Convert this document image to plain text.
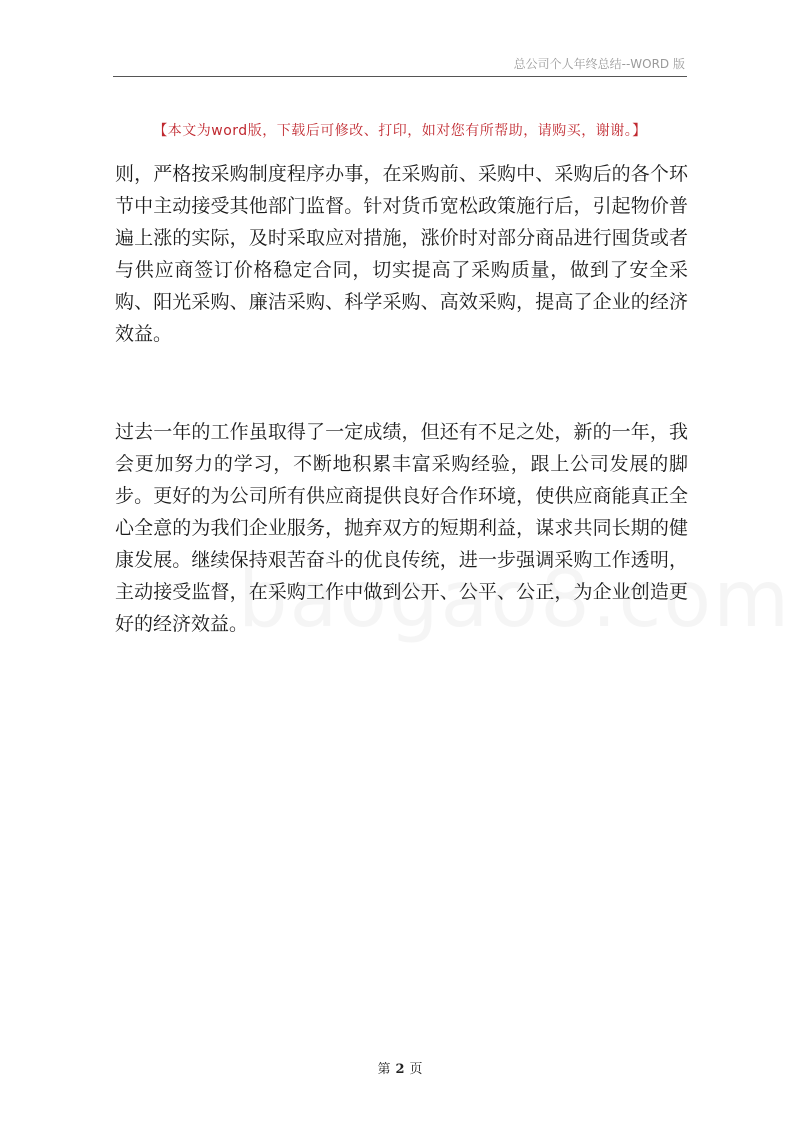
总公司个人年终总结--WORD 版
【本文为word版，下载后可修改、打印，如对您有所帮助，请购买，谢谢。】

则，严格按采购制度程序办事，在采购前、采购中、采购后的各个环节中主动接受其他部门监督。针对货币宽松政策施行后，引起物价普遍上涨的实际，及时采取应对措施，涨价时对部分商品进行囤货或者与供应商签订价格稳定合同，切实提高了采购质量，做到了安全采购、阳光采购、廉洁采购、科学采购、高效采购，提高了企业的经济效益。

过去一年的工作虽取得了一定成绩，但还有不足之处，新的一年，我会更加努力的学习，不断地积累丰富采购经验，跟上公司发展的脚步。更好的为公司所有供应商提供良好合作环境，使供应商能真正全心全意的为我们企业服务，抛弃双方的短期利益，谋求共同长期的健康发展。继续保持艰苦奋斗的优良传统，进一步强调采购工作透明，主动接受监督，在采购工作中做到公开、公平、公正，为企业创造更好的经济效益。

第 2 页
